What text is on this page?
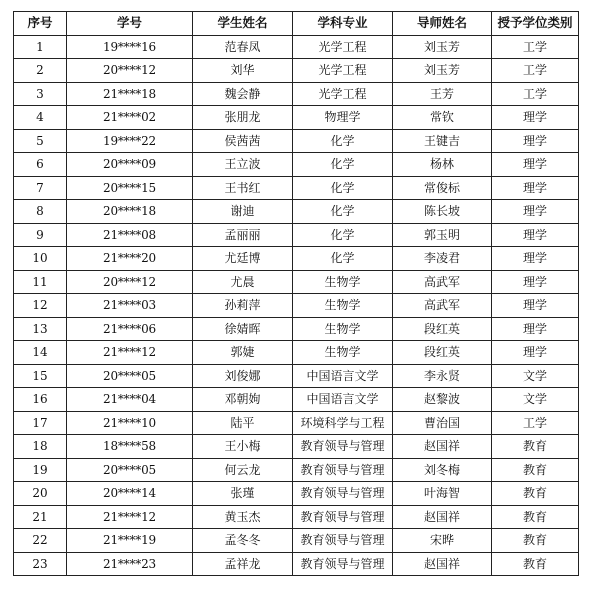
序号	学号	学生姓名	学科专业	导师姓名	授予学位类别
1	19****16	范春凤	光学工程	刘玉芳	工学
2	20****12	刘华	光学工程	刘玉芳	工学
3	21****18	魏会静	光学工程	王芳	工学
4	21****02	张朋龙	物理学	常钦	理学
5	19****22	侯茜茜	化学	王键吉	理学
6	20****09	王立波	化学	杨林	理学
7	20****15	王书红	化学	常俊标	理学
8	20****18	谢迪	化学	陈长坡	理学
9	21****08	孟丽丽	化学	郭玉明	理学
10	21****20	尤廷博	化学	李凌君	理学
11	20****12	尤晨	生物学	高武军	理学
12	21****03	孙莉萍	生物学	高武军	理学
13	21****06	徐婧晖	生物学	段红英	理学
14	21****12	郭婕	生物学	段红英	理学
15	20****05	刘俊娜	中国语言文学	李永贤	文学
16	21****04	邓朝姁	中国语言文学	赵黎波	文学
17	21****10	陆平	环境科学与工程	曹治国	工学
18	18****58	王小梅	教育领导与管理	赵国祥	教育
19	20****05	何云龙	教育领导与管理	刘冬梅	教育
20	20****14	张瑾	教育领导与管理	叶海智	教育
21	21****12	黄玉杰	教育领导与管理	赵国祥	教育
22	21****19	孟冬冬	教育领导与管理	宋晔	教育
23	21****23	孟祥龙	教育领导与管理	赵国祥	教育
